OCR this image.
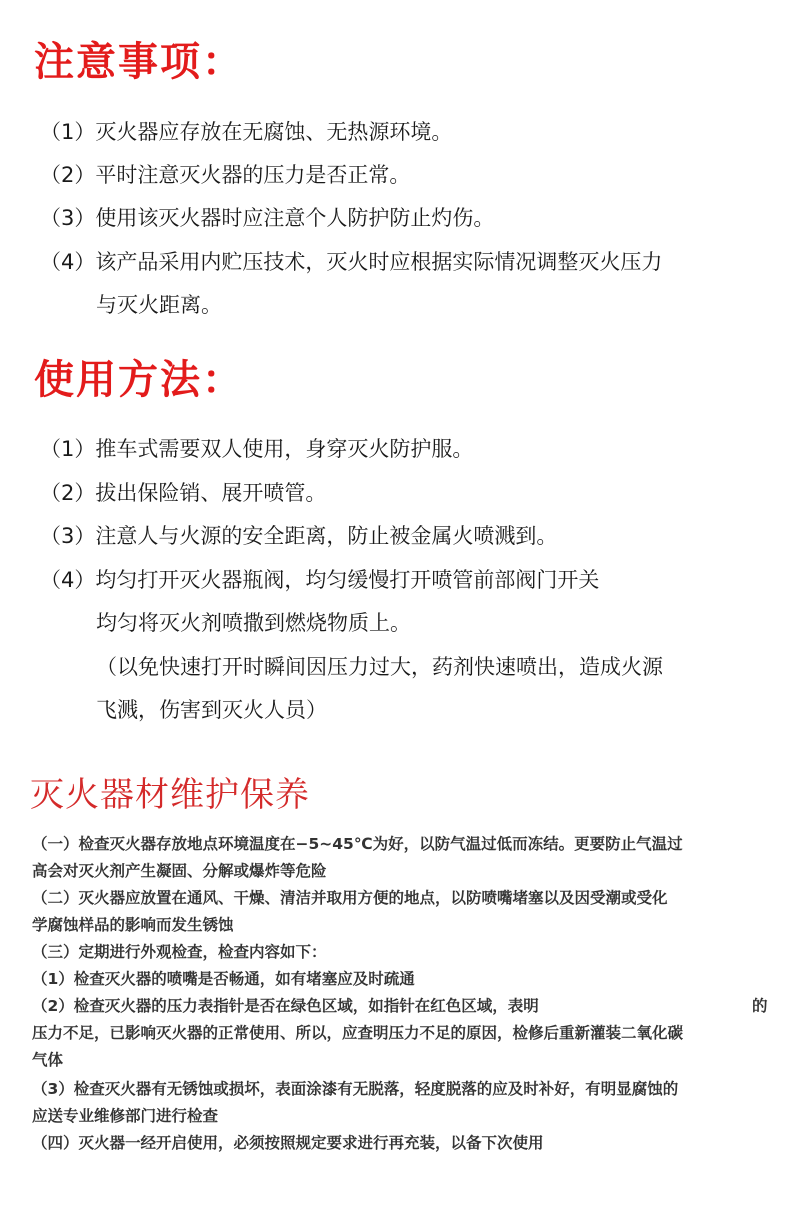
注意事项：
（1）灭火器应存放在无腐蚀、无热源环境。
（2）平时注意灭火器的压力是否正常。
（3）使用该灭火器时应注意个人防护防止灼伤。
（4）该产品采用内贮压技术，灭火时应根据实际情况调整灭火压力
与灭火距离。
使用方法：
（1）推车式需要双人使用，身穿灭火防护服。
（2）拔出保险销、展开喷管。
（3）注意人与火源的安全距离，防止被金属火喷溅到。
（4）均匀打开灭火器瓶阀，均匀缓慢打开喷管前部阀门开关
均匀将灭火剂喷撒到燃烧物质上。
（以免快速打开时瞬间因压力过大，药剂快速喷出，造成火源
飞溅，伤害到灭火人员）
灭火器材维护保养
（一）检查灭火器存放地点环境温度在−5~45℃为好，以防气温过低而冻结。更要防止气温过
高会对灭火剂产生凝固、分解或爆炸等危险
（二）灭火器应放置在通风、干燥、清洁并取用方便的地点，以防喷嘴堵塞以及因受潮或受化
学腐蚀样品的影响而发生锈蚀
（三）定期进行外观检查，检查内容如下：
（1）检查灭火器的喷嘴是否畅通，如有堵塞应及时疏通
（2）检查灭火器的压力表指针是否在绿色区域，如指针在红色区域，表明	的
压力不足，已影响灭火器的正常使用、所以，应查明压力不足的原因，检修后重新灌装二氧化碳
气体
（3）检查灭火器有无锈蚀或损坏，表面涂漆有无脱落，轻度脱落的应及时补好，有明显腐蚀的
应送专业维修部门进行检查
（四）灭火器一经开启使用，必须按照规定要求进行再充装，以备下次使用
